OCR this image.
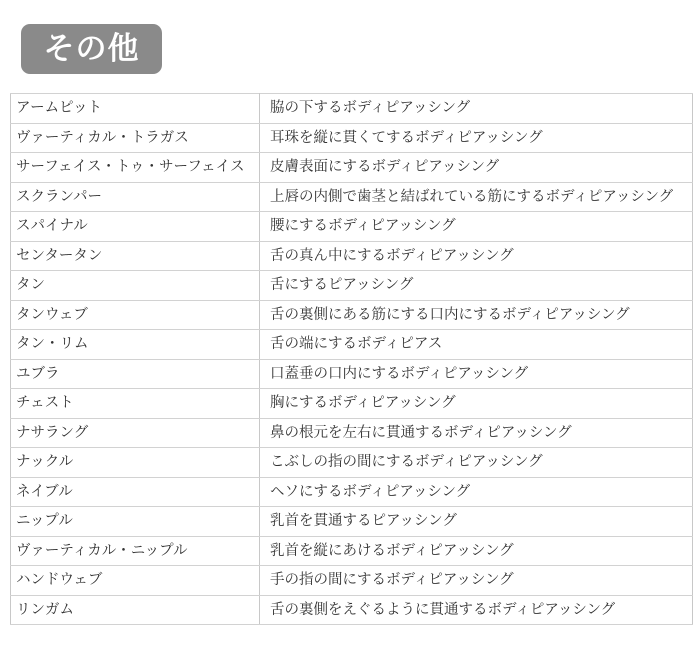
その他
アームピット	脇の下するボディピアッシング
ヴァーティカル・トラガス	耳珠を縦に貫くてするボディピアッシング
サーフェイス・トゥ・サーフェイス	皮膚表面にするボディピアッシング
スクランパー	上唇の内側で歯茎と結ばれている筋にするボディピアッシング
スパイナル	腰にするボディピアッシング
センタータン	舌の真ん中にするボディピアッシング
タン	舌にするピアッシング
タンウェブ	舌の裏側にある筋にする口内にするボディピアッシング
タン・リム	舌の端にするボディピアス
ユブラ	口蓋垂の口内にするボディピアッシング
チェスト	胸にするボディピアッシング
ナサラング	鼻の根元を左右に貫通するボディピアッシング
ナックル	こぶしの指の間にするボディピアッシング
ネイブル	ヘソにするボディピアッシング
ニップル	乳首を貫通するピアッシング
ヴァーティカル・ニップル	乳首を縦にあけるボディピアッシング
ハンドウェブ	手の指の間にするボディピアッシング
リンガム	舌の裏側をえぐるように貫通するボディピアッシング
